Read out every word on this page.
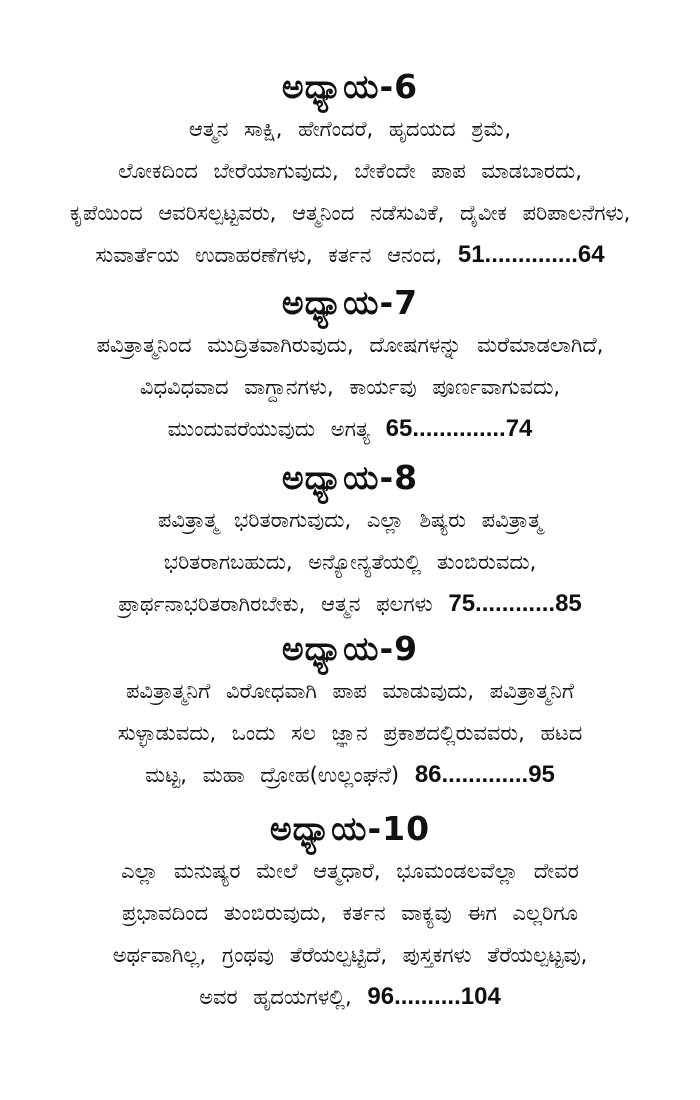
ಅಧ್ಯಾಯ-6
ಆತ್ಮನ ಸಾಕ್ಷಿ, ಹೇಗೆಂದರೆ, ಹೃದಯದ ಶ್ರಮೆ,
ಲೋಕದಿಂದ ಬೇರೆಯಾಗುವುದು, ಬೇಕೆಂದೇ ಪಾಪ ಮಾಡಬಾರದು,
ಕೃಪೆಯಿಂದ ಆವರಿಸಲ್ಪಟ್ಟವರು, ಆತ್ಮನಿಂದ ನಡೆಸುವಿಕೆ, ದೈವೀಕ ಪರಿಪಾಲನೆಗಳು,
ಸುವಾರ್ತೆಯ ಉದಾಹರಣೆಗಳು, ಕರ್ತನ ಆನಂದ, 51..............64
ಅಧ್ಯಾಯ-7
ಪವಿತ್ರಾತ್ಮನಿಂದ ಮುದ್ರಿತವಾಗಿರುವುದು, ದೋಷಗಳನ್ನು ಮರೆಮಾಡಲಾಗಿದೆ,
ವಿಧವಿಧವಾದ ವಾಗ್ದಾನಗಳು, ಕಾರ್ಯವು ಪೂರ್ಣವಾಗುವದು,
ಮುಂದುವರೆಯುವುದು ಅಗತ್ಯ 65..............74
ಅಧ್ಯಾಯ-8
ಪವಿತ್ರಾತ್ಮ ಭರಿತರಾಗುವುದು, ಎಲ್ಲಾ ಶಿಷ್ಯರು ಪವಿತ್ರಾತ್ಮ
ಭರಿತರಾಗಬಹುದು, ಅನ್ಯೋನ್ಯತೆಯಲ್ಲಿ ತುಂಬಿರುವದು,
ಪ್ರಾರ್ಥನಾಭರಿತರಾಗಿರಬೇಕು, ಆತ್ಮನ ಫಲಗಳು 75............85
ಅಧ್ಯಾಯ-9
ಪವಿತ್ರಾತ್ಮನಿಗೆ ವಿರೋಧವಾಗಿ ಪಾಪ ಮಾಡುವುದು, ಪವಿತ್ರಾತ್ಮನಿಗೆ
ಸುಳ್ಳಾಡುವದು, ಒಂದು ಸಲ ಜ್ಞಾನ ಪ್ರಕಾಶದಲ್ಲಿರುವವರು, ಹಟದ
ಮಟ್ಟ, ಮಹಾ ದ್ರೋಹ(ಉಲ್ಲಂಘನೆ) 86.............95
ಅಧ್ಯಾಯ-10
ಎಲ್ಲಾ ಮನುಷ್ಯರ ಮೇಲೆ ಆತ್ಮಧಾರೆ, ಭೂಮಂಡಲವೆಲ್ಲಾ ದೇವರ
ಪ್ರಭಾವದಿಂದ ತುಂಬಿರುವುದು, ಕರ್ತನ ವಾಕ್ಯವು ಈಗ ಎಲ್ಲರಿಗೂ
ಅರ್ಥವಾಗಿಲ್ಲ, ಗ್ರಂಥವು ತೆರೆಯಲ್ಪಟ್ಟಿದೆ, ಪುಸ್ತಕಗಳು ತೆರೆಯಲ್ಪಟ್ಟವು,
ಅವರ ಹೃದಯಗಳಲ್ಲಿ, 96..........104
